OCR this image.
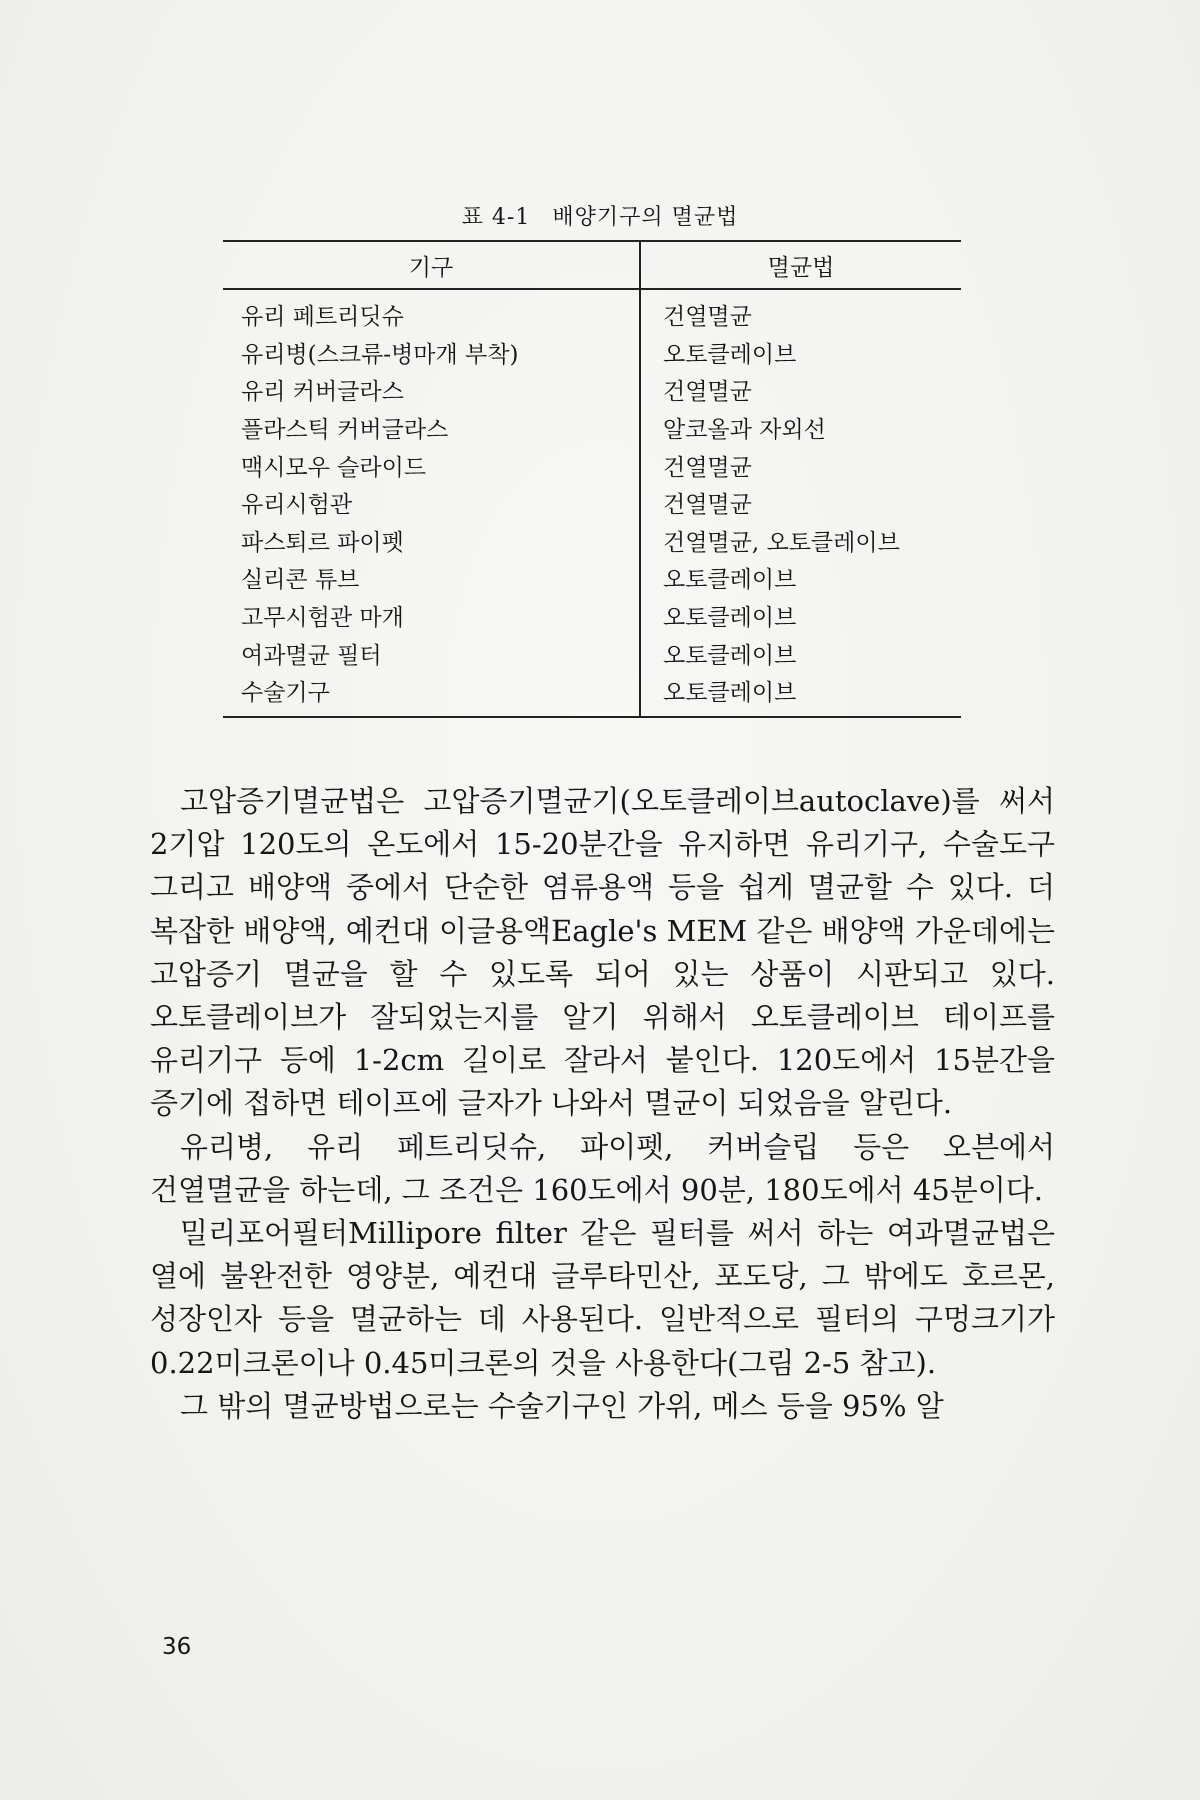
표 4-1 배양기구의 멸균법
기구	멸균법
유리 페트리딧슈	건열멸균
유리병(스크류-병마개 부착)	오토클레이브
유리 커버글라스	건열멸균
플라스틱 커버글라스	알코올과 자외선
맥시모우 슬라이드	건열멸균
유리시험관	건열멸균
파스퇴르 파이펫	건열멸균, 오토클레이브
실리콘 튜브	오토클레이브
고무시험관 마개	오토클레이브
여과멸균 필터	오토클레이브
수술기구	오토클레이브

고압증기멸균법은 고압증기멸균기(오토클레이브autoclave)를 써서 2기압 120도의 온도에서 15-20분간을 유지하면 유리기구, 수술도구 그리고 배양액 중에서 단순한 염류용액 등을 쉽게 멸균할 수 있다. 더 복잡한 배양액, 예컨대 이글용액Eagle's MEM 같은 배양액 가운데에는 고압증기 멸균을 할 수 있도록 되어 있는 상품이 시판되고 있다. 오토클레이브가 잘되었는지를 알기 위해서 오토클레이브 테이프를 유리기구 등에 1-2cm 길이로 잘라서 붙인다. 120도에서 15분간을 증기에 접하면 테이프에 글자가 나와서 멸균이 되었음을 알린다.

유리병, 유리 페트리딧슈, 파이펫, 커버슬립 등은 오븐에서 건열멸균을 하는데, 그 조건은 160도에서 90분, 180도에서 45분이다.

밀리포어필터Millipore filter 같은 필터를 써서 하는 여과멸균법은 열에 불완전한 영양분, 예컨대 글루타민산, 포도당, 그 밖에도 호르몬, 성장인자 등을 멸균하는 데 사용된다. 일반적으로 필터의 구멍크기가 0.22미크론이나 0.45미크론의 것을 사용한다(그림 2-5 참고).

그 밖의 멸균방법으로는 수술기구인 가위, 메스 등을 95% 알

36
